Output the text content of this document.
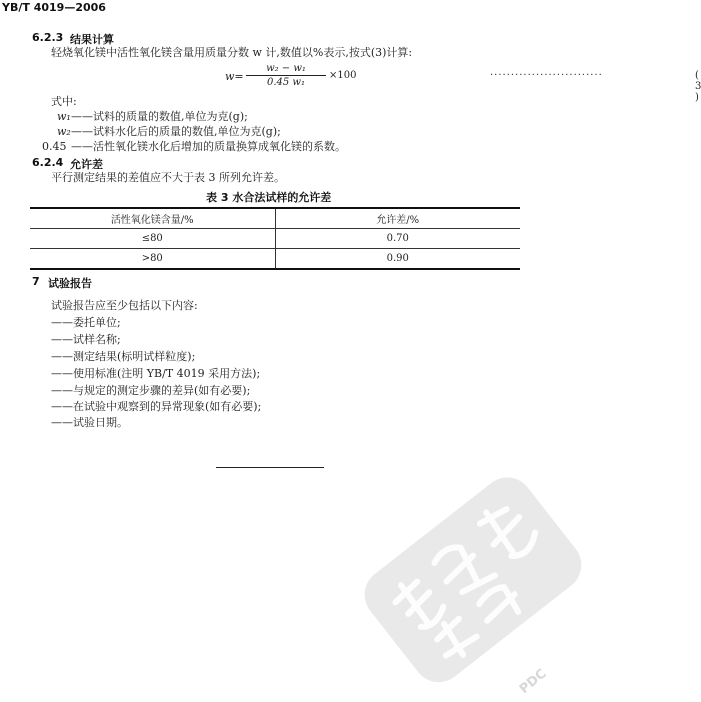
YB/T 4019—2006
6.2.3 结果计算
轻烧氧化镁中活性氧化镁含量用质量分数 w 计,数值以%表示,按式(3)计算:
$w= \frac{\text{w₂ − w₁}}{\text{0.45 w₁}} \times 100$	···························	( 3 )
式中:
w₁ ——试料的质量的数值,单位为克(g);
w₂ ——试料水化后的质量的数值,单位为克(g);
0.45 ——活性氧化镁水化后增加的质量换算成氧化镁的系数。
6.2.4 允许差
平行测定结果的差值应不大于表 3 所列允许差。
表 3 水合法试样的允许差
活性氧化镁含量/%	允许差/%
≤80	0.70
>80	0.90
7 试验报告
试验报告应至少包括以下内容:
——委托单位;
——试样名称;
——测定结果(标明试样粒度);
——使用标准(注明 YB/T 4019 采用方法);
——与规定的测定步骤的差异(如有必要);
——在试验中观察到的异常现象(如有必要);
——试验日期。
PDC
